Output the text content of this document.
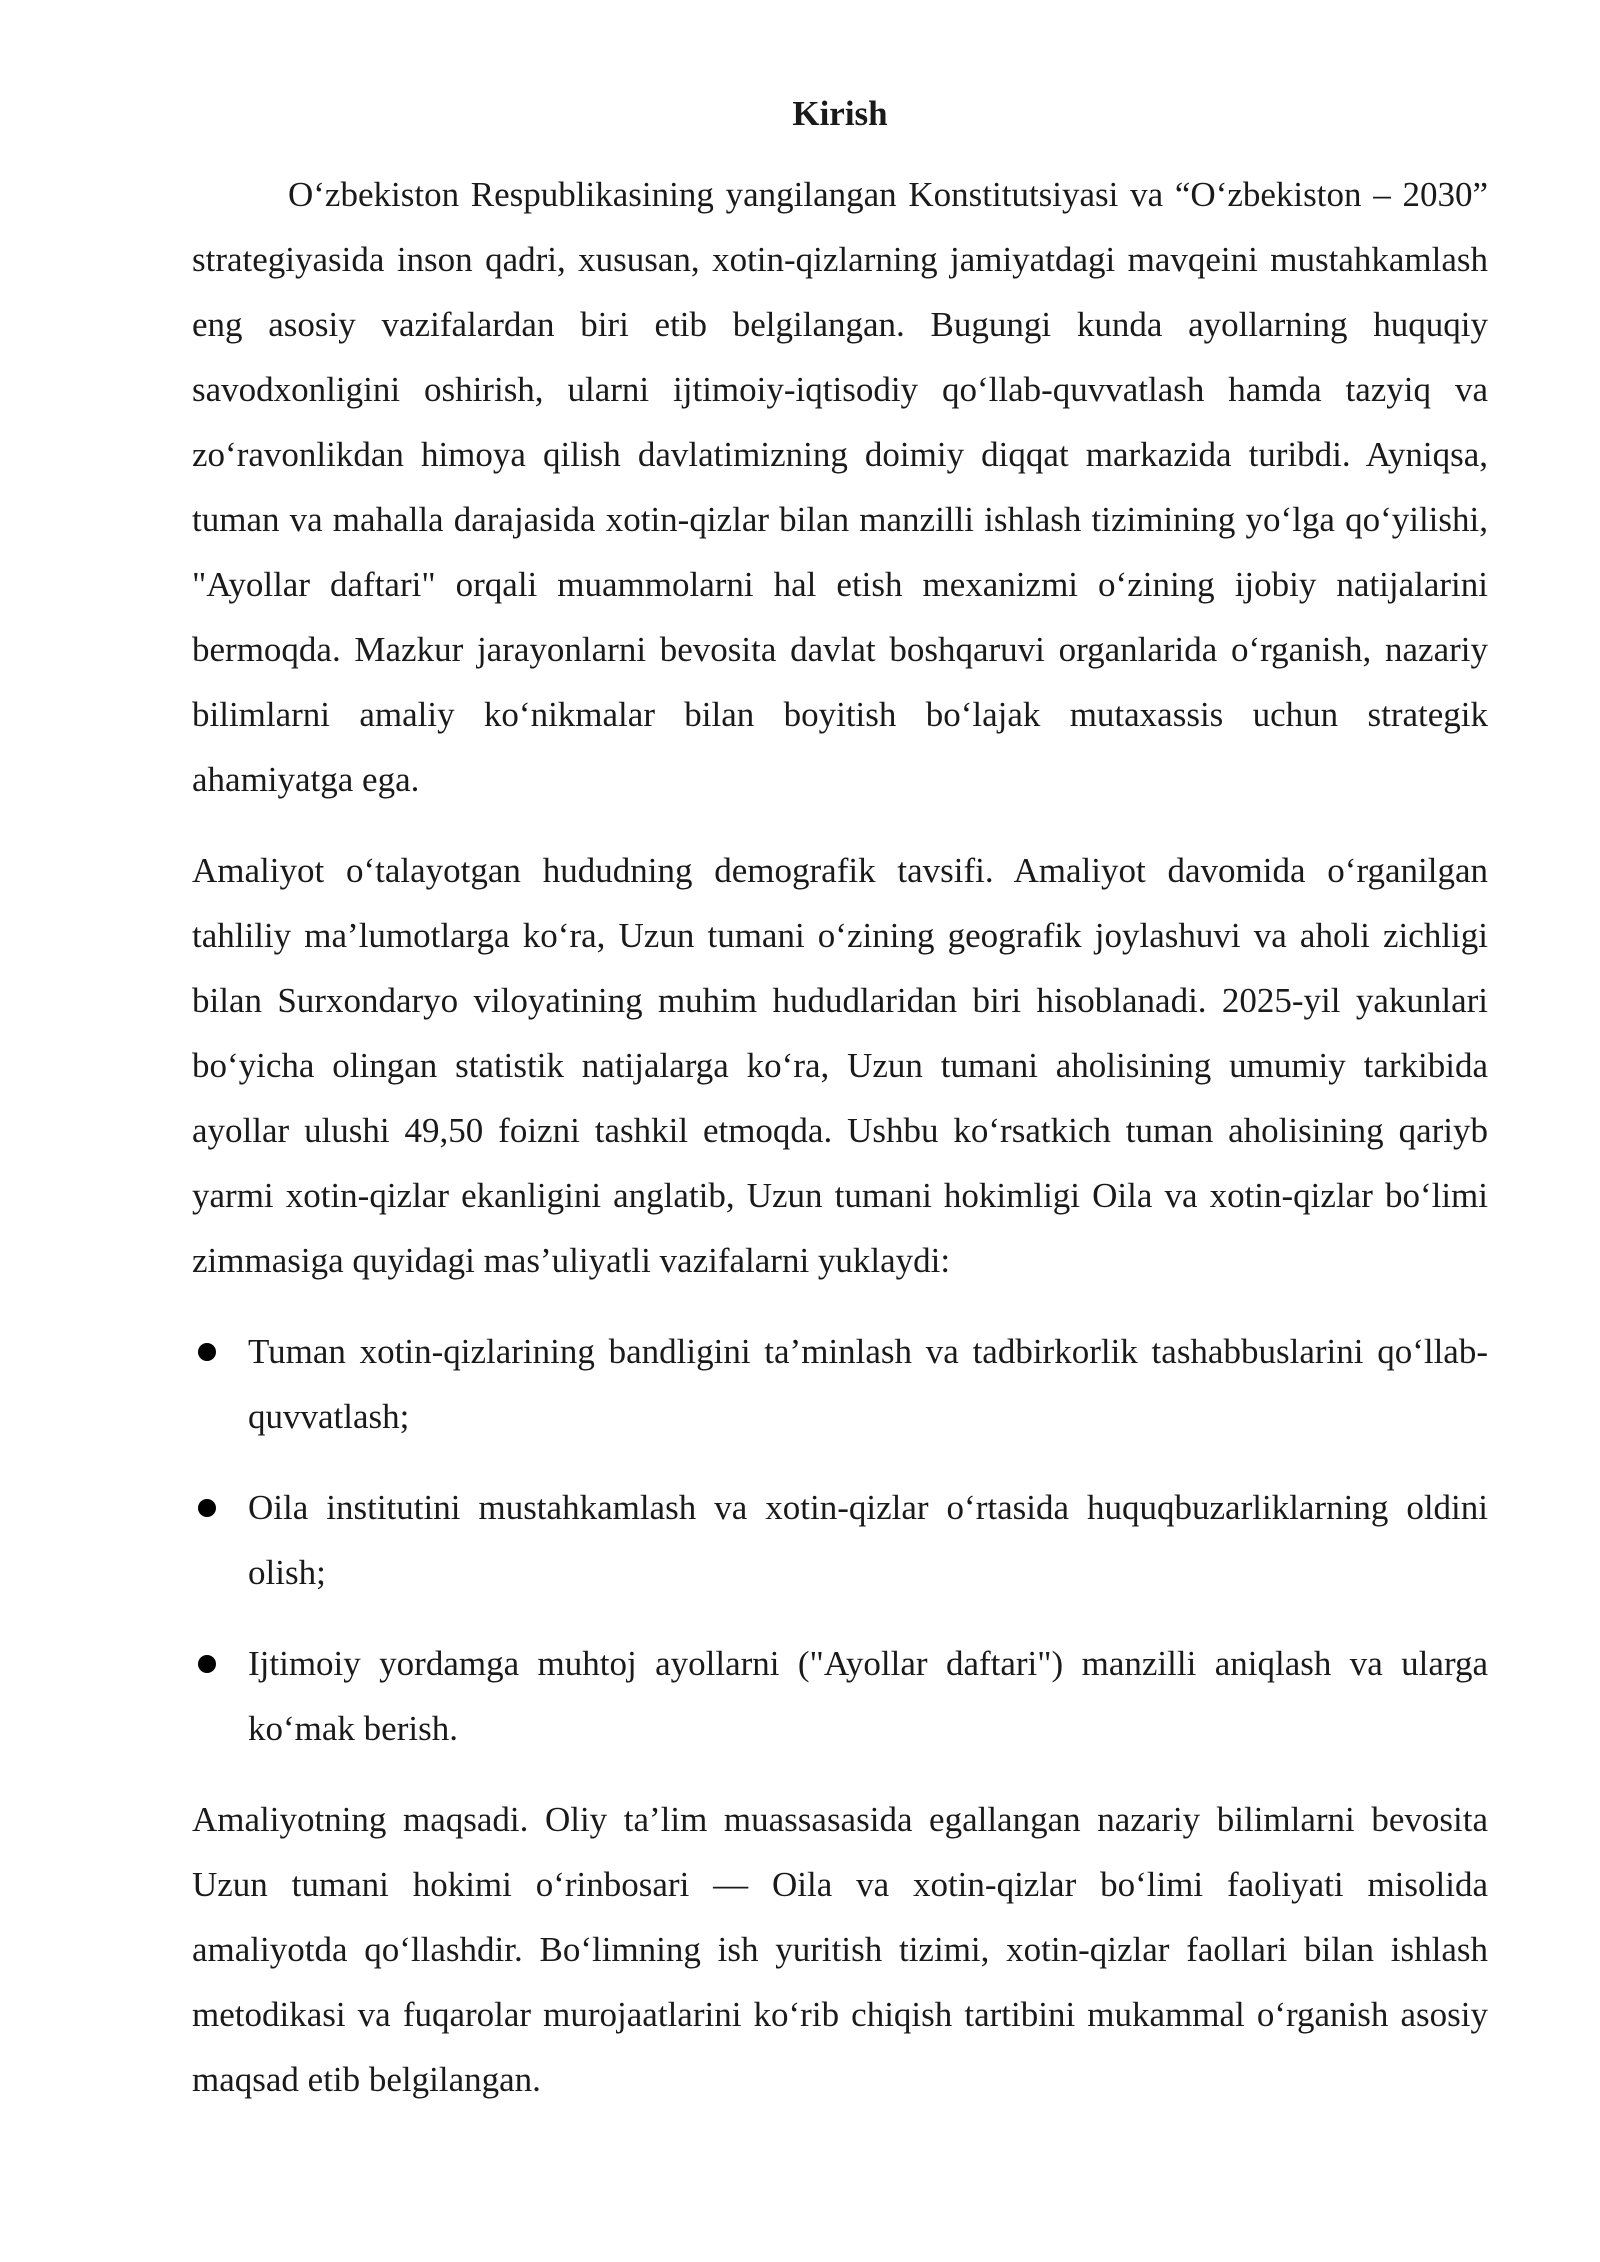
Kirish

O‘zbekiston Respublikasining yangilangan Konstitutsiyasi va “O‘zbekiston – 2030” strategiyasida inson qadri, xususan, xotin-qizlarning jamiyatdagi mavqeini mustahkamlash eng asosiy vazifalardan biri etib belgilangan. Bugungi kunda ayollarning huquqiy savodxonligini oshirish, ularni ijtimoiy-iqtisodiy qo‘llab-quvvatlash hamda tazyiq va zo‘ravonlikdan himoya qilish davlatimizning doimiy diqqat markazida turibdi. Ayniqsa, tuman va mahalla darajasida xotin-qizlar bilan manzilli ishlash tizimining yo‘lga qo‘yilishi, "Ayollar daftari" orqali muammolarni hal etish mexanizmi o‘zining ijobiy natijalarini bermoqda. Mazkur jarayonlarni bevosita davlat boshqaruvi organlarida o‘rganish, nazariy bilimlarni amaliy ko‘nikmalar bilan boyitish bo‘lajak mutaxassis uchun strategik ahamiyatga ega.

Amaliyot o‘talayotgan hududning demografik tavsifi. Amaliyot davomida o‘rganilgan tahliliy ma’lumotlarga ko‘ra, Uzun tumani o‘zining geografik joylashuvi va aholi zichligi bilan Surxondaryo viloyatining muhim hududlaridan biri hisoblanadi. 2025-yil yakunlari bo‘yicha olingan statistik natijalarga ko‘ra, Uzun tumani aholisining umumiy tarkibida ayollar ulushi 49,50 foizni tashkil etmoqda. Ushbu ko‘rsatkich tuman aholisining qariyb yarmi xotin-qizlar ekanligini anglatib, Uzun tumani hokimligi Oila va xotin-qizlar bo‘limi zimmasiga quyidagi mas’uliyatli vazifalarni yuklaydi:

Tuman xotin-qizlarining bandligini ta’minlash va tadbirkorlik tashabbuslarini qo‘llab-quvvatlash;
Oila institutini mustahkamlash va xotin-qizlar o‘rtasida huquqbuzarliklarning oldini olish;
Ijtimoiy yordamga muhtoj ayollarni ("Ayollar daftari") manzilli aniqlash va ularga ko‘mak berish.

Amaliyotning maqsadi. Oliy ta’lim muassasasida egallangan nazariy bilimlarni bevosita Uzun tumani hokimi o‘rinbosari — Oila va xotin-qizlar bo‘limi faoliyati misolida amaliyotda qo‘llashdir. Bo‘limning ish yuritish tizimi, xotin-qizlar faollari bilan ishlash metodikasi va fuqarolar murojaatlarini ko‘rib chiqish tartibini mukammal o‘rganish asosiy maqsad etib belgilangan.
